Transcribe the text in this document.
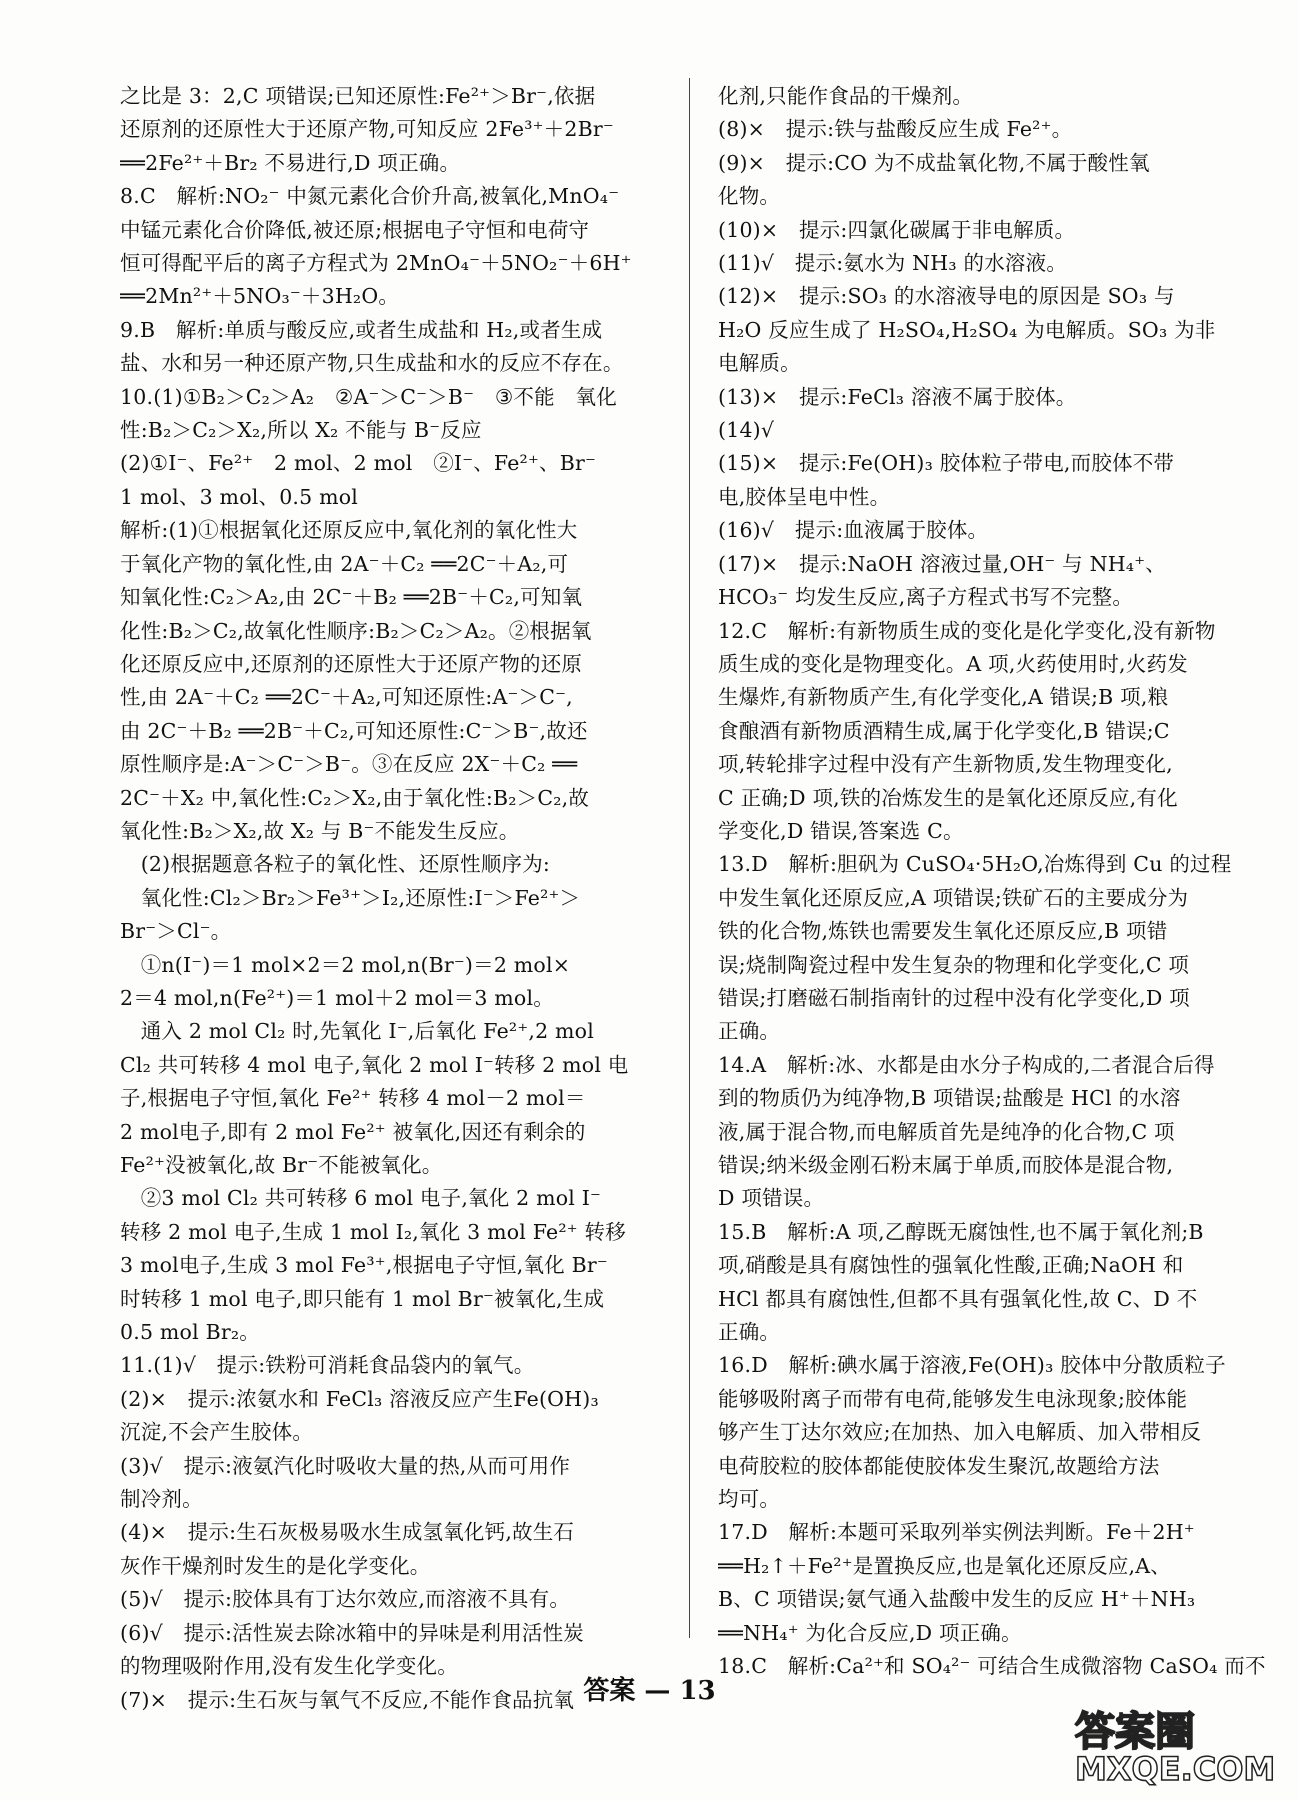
之比是 3：2,C 项错误;已知还原性:Fe²⁺＞Br⁻,依据
还原剂的还原性大于还原产物,可知反应 2Fe³⁺＋2Br⁻
══2Fe²⁺＋Br₂ 不易进行,D 项正确。
8.C　解析:NO₂⁻ 中氮元素化合价升高,被氧化,MnO₄⁻
中锰元素化合价降低,被还原;根据电子守恒和电荷守
恒可得配平后的离子方程式为 2MnO₄⁻＋5NO₂⁻＋6H⁺
══2Mn²⁺＋5NO₃⁻＋3H₂O。
9.B　解析:单质与酸反应,或者生成盐和 H₂,或者生成
盐、水和另一种还原产物,只生成盐和水的反应不存在。
10.(1)①B₂＞C₂＞A₂　②A⁻＞C⁻＞B⁻　③不能　氧化
性:B₂＞C₂＞X₂,所以 X₂ 不能与 B⁻反应
(2)①I⁻、Fe²⁺　2 mol、2 mol　②I⁻、Fe²⁺、Br⁻
1 mol、3 mol、0.5 mol
解析:(1)①根据氧化还原反应中,氧化剂的氧化性大
于氧化产物的氧化性,由 2A⁻＋C₂ ══2C⁻＋A₂,可
知氧化性:C₂＞A₂,由 2C⁻＋B₂ ══2B⁻＋C₂,可知氧
化性:B₂＞C₂,故氧化性顺序:B₂＞C₂＞A₂。②根据氧
化还原反应中,还原剂的还原性大于还原产物的还原
性,由 2A⁻＋C₂ ══2C⁻＋A₂,可知还原性:A⁻＞C⁻,
由 2C⁻＋B₂ ══2B⁻＋C₂,可知还原性:C⁻＞B⁻,故还
原性顺序是:A⁻＞C⁻＞B⁻。③在反应 2X⁻＋C₂ ══
2C⁻＋X₂ 中,氧化性:C₂＞X₂,由于氧化性:B₂＞C₂,故
氧化性:B₂＞X₂,故 X₂ 与 B⁻不能发生反应。
　(2)根据题意各粒子的氧化性、还原性顺序为:
　氧化性:Cl₂＞Br₂＞Fe³⁺＞I₂,还原性:I⁻＞Fe²⁺＞
Br⁻＞Cl⁻。
　①n(I⁻)＝1 mol×2＝2 mol,n(Br⁻)＝2 mol×
2＝4 mol,n(Fe²⁺)＝1 mol＋2 mol＝3 mol。
　通入 2 mol Cl₂ 时,先氧化 I⁻,后氧化 Fe²⁺,2 mol
Cl₂ 共可转移 4 mol 电子,氧化 2 mol I⁻转移 2 mol 电
子,根据电子守恒,氧化 Fe²⁺ 转移 4 mol－2 mol＝
2 mol电子,即有 2 mol Fe²⁺ 被氧化,因还有剩余的
Fe²⁺没被氧化,故 Br⁻不能被氧化。
　②3 mol Cl₂ 共可转移 6 mol 电子,氧化 2 mol I⁻
转移 2 mol 电子,生成 1 mol I₂,氧化 3 mol Fe²⁺ 转移
3 mol电子,生成 3 mol Fe³⁺,根据电子守恒,氧化 Br⁻
时转移 1 mol 电子,即只能有 1 mol Br⁻被氧化,生成
0.5 mol Br₂。
11.(1)√　提示:铁粉可消耗食品袋内的氧气。
(2)×　提示:浓氨水和 FeCl₃ 溶液反应产生Fe(OH)₃
沉淀,不会产生胶体。
(3)√　提示:液氨汽化时吸收大量的热,从而可用作
制冷剂。
(4)×　提示:生石灰极易吸水生成氢氧化钙,故生石
灰作干燥剂时发生的是化学变化。
(5)√　提示:胶体具有丁达尔效应,而溶液不具有。
(6)√　提示:活性炭去除冰箱中的异味是利用活性炭
的物理吸附作用,没有发生化学变化。
(7)×　提示:生石灰与氧气不反应,不能作食品抗氧
化剂,只能作食品的干燥剂。
(8)×　提示:铁与盐酸反应生成 Fe²⁺。
(9)×　提示:CO 为不成盐氧化物,不属于酸性氧
化物。
(10)×　提示:四氯化碳属于非电解质。
(11)√　提示:氨水为 NH₃ 的水溶液。
(12)×　提示:SO₃ 的水溶液导电的原因是 SO₃ 与
H₂O 反应生成了 H₂SO₄,H₂SO₄ 为电解质。SO₃ 为非
电解质。
(13)×　提示:FeCl₃ 溶液不属于胶体。
(14)√
(15)×　提示:Fe(OH)₃ 胶体粒子带电,而胶体不带
电,胶体呈电中性。
(16)√　提示:血液属于胶体。
(17)×　提示:NaOH 溶液过量,OH⁻ 与 NH₄⁺、
HCO₃⁻ 均发生反应,离子方程式书写不完整。
12.C　解析:有新物质生成的变化是化学变化,没有新物
质生成的变化是物理变化。A 项,火药使用时,火药发
生爆炸,有新物质产生,有化学变化,A 错误;B 项,粮
食酿酒有新物质酒精生成,属于化学变化,B 错误;C
项,转轮排字过程中没有产生新物质,发生物理变化,
C 正确;D 项,铁的冶炼发生的是氧化还原反应,有化
学变化,D 错误,答案选 C。
13.D　解析:胆矾为 CuSO₄·5H₂O,冶炼得到 Cu 的过程
中发生氧化还原反应,A 项错误;铁矿石的主要成分为
铁的化合物,炼铁也需要发生氧化还原反应,B 项错
误;烧制陶瓷过程中发生复杂的物理和化学变化,C 项
错误;打磨磁石制指南针的过程中没有化学变化,D 项
正确。
14.A　解析:冰、水都是由水分子构成的,二者混合后得
到的物质仍为纯净物,B 项错误;盐酸是 HCl 的水溶
液,属于混合物,而电解质首先是纯净的化合物,C 项
错误;纳米级金刚石粉末属于单质,而胶体是混合物,
D 项错误。
15.B　解析:A 项,乙醇既无腐蚀性,也不属于氧化剂;B
项,硝酸是具有腐蚀性的强氧化性酸,正确;NaOH 和
HCl 都具有腐蚀性,但都不具有强氧化性,故 C、D 不
正确。
16.D　解析:碘水属于溶液,Fe(OH)₃ 胶体中分散质粒子
能够吸附离子而带有电荷,能够发生电泳现象;胶体能
够产生丁达尔效应;在加热、加入电解质、加入带相反
电荷胶粒的胶体都能使胶体发生聚沉,故题给方法
均可。
17.D　解析:本题可采取列举实例法判断。Fe＋2H⁺
══H₂↑＋Fe²⁺是置换反应,也是氧化还原反应,A、
B、C 项错误;氨气通入盐酸中发生的反应 H⁺＋NH₃
══NH₄⁺ 为化合反应,D 项正确。
18.C　解析:Ca²⁺和 SO₄²⁻ 可结合生成微溶物 CaSO₄ 而不
答案 — 13
答案圈
MXQE.COM
